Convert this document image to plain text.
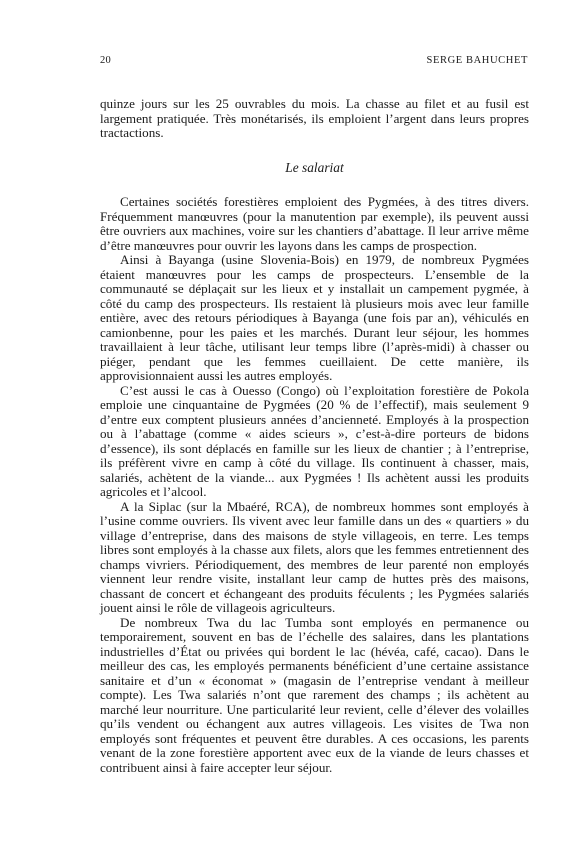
20	SERGE BAHUCHET

quinze jours sur les 25 ouvrables du mois. La chasse au filet et au fusil est largement pratiquée. Très monétarisés, ils emploient l’argent dans leurs propres tractactions.

Le salariat

Certaines sociétés forestières emploient des Pygmées, à des titres divers. Fréquemment manœuvres (pour la manutention par exemple), ils peuvent aussi être ouvriers aux machines, voire sur les chantiers d’abattage. Il leur arrive même d’être manœuvres pour ouvrir les layons dans les camps de prospection.

Ainsi à Bayanga (usine Slovenia-Bois) en 1979, de nombreux Pygmées étaient manœuvres pour les camps de prospecteurs. L’ensemble de la communauté se déplaçait sur les lieux et y installait un campement pygmée, à côté du camp des prospecteurs. Ils restaient là plusieurs mois avec leur famille entière, avec des retours périodiques à Bayanga (une fois par an), véhiculés en camionbenne, pour les paies et les marchés. Durant leur séjour, les hommes travaillaient à leur tâche, utilisant leur temps libre (l’après-midi) à chasser ou piéger, pendant que les femmes cueillaient. De cette manière, ils approvisionnaient aussi les autres employés.

C’est aussi le cas à Ouesso (Congo) où l’exploitation forestière de Pokola emploie une cinquantaine de Pygmées (20 % de l’effectif), mais seulement 9 d’entre eux comptent plusieurs années d’ancienneté. Employés à la prospection ou à l’abattage (comme « aides scieurs », c’est-à-dire porteurs de bidons d’essence), ils sont déplacés en famille sur les lieux de chantier ; à l’entreprise, ils préfèrent vivre en camp à côté du village. Ils continuent à chasser, mais, salariés, achètent de la viande... aux Pygmées ! Ils achètent aussi les produits agricoles et l’alcool.

A la Siplac (sur la Mbaéré, RCA), de nombreux hommes sont employés à l’usine comme ouvriers. Ils vivent avec leur famille dans un des « quartiers » du village d’entreprise, dans des maisons de style villageois, en terre. Les temps libres sont employés à la chasse aux filets, alors que les femmes entretiennent des champs vivriers. Périodiquement, des membres de leur parenté non employés viennent leur rendre visite, installant leur camp de huttes près des maisons, chassant de concert et échangeant des produits féculents ; les Pygmées salariés jouent ainsi le rôle de villageois agriculteurs.

De nombreux Twa du lac Tumba sont employés en permanence ou temporairement, souvent en bas de l’échelle des salaires, dans les plantations industrielles d’État ou privées qui bordent le lac (hévéa, café, cacao). Dans le meilleur des cas, les employés permanents bénéficient d’une certaine assistance sanitaire et d’un « économat » (magasin de l’entreprise vendant à meilleur compte). Les Twa salariés n’ont que rarement des champs ; ils achètent au marché leur nourriture. Une particularité leur revient, celle d’élever des volailles qu’ils vendent ou échangent aux autres villageois. Les visites de Twa non employés sont fréquentes et peuvent être durables. A ces occasions, les parents venant de la zone forestière apportent avec eux de la viande de leurs chasses et contribuent ainsi à faire accepter leur séjour.
